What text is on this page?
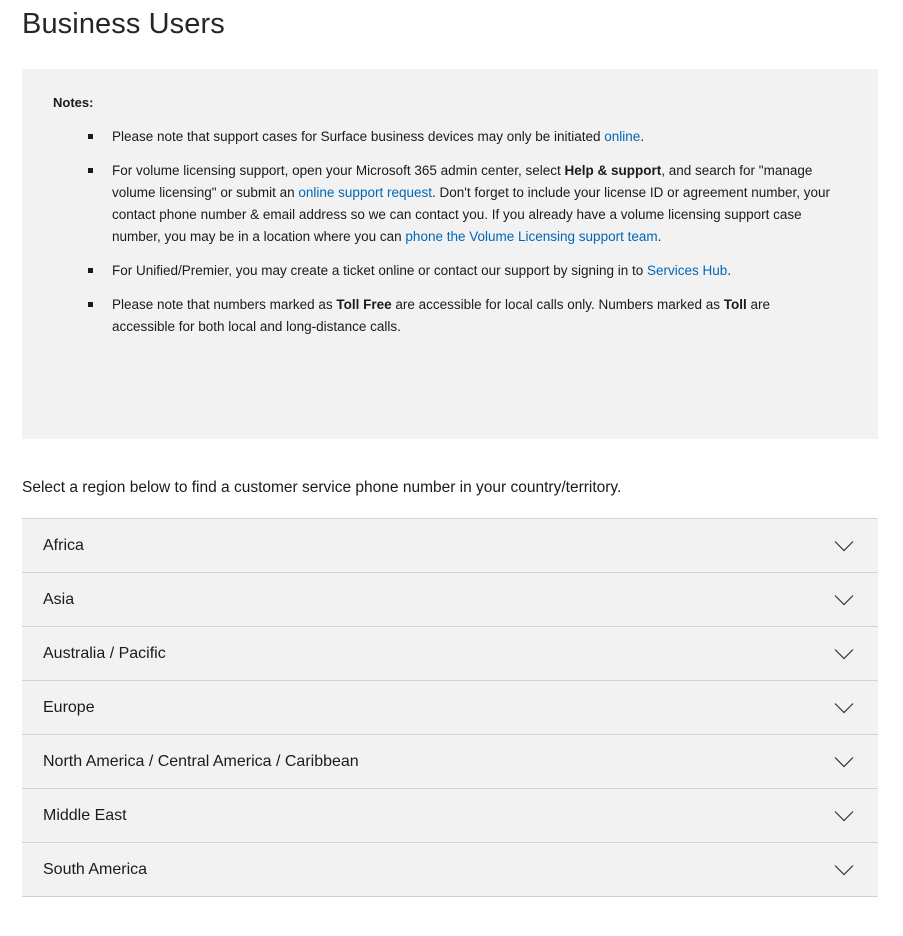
Business Users
Notes:
Please note that support cases for Surface business devices may only be initiated online.
For volume licensing support, open your Microsoft 365 admin center, select Help & support, and search for "manage volume licensing" or submit an online support request. Don't forget to include your license ID or agreement number, your contact phone number & email address so we can contact you. If you already have a volume licensing support case number, you may be in a location where you can phone the Volume Licensing support team.
For Unified/Premier, you may create a ticket online or contact our support by signing in to Services Hub.
Please note that numbers marked as Toll Free are accessible for local calls only. Numbers marked as Toll are accessible for both local and long-distance calls.

Select a region below to find a customer service phone number in your country/territory.

Africa
Asia
Australia / Pacific
Europe
North America / Central America / Caribbean
Middle East
South America
